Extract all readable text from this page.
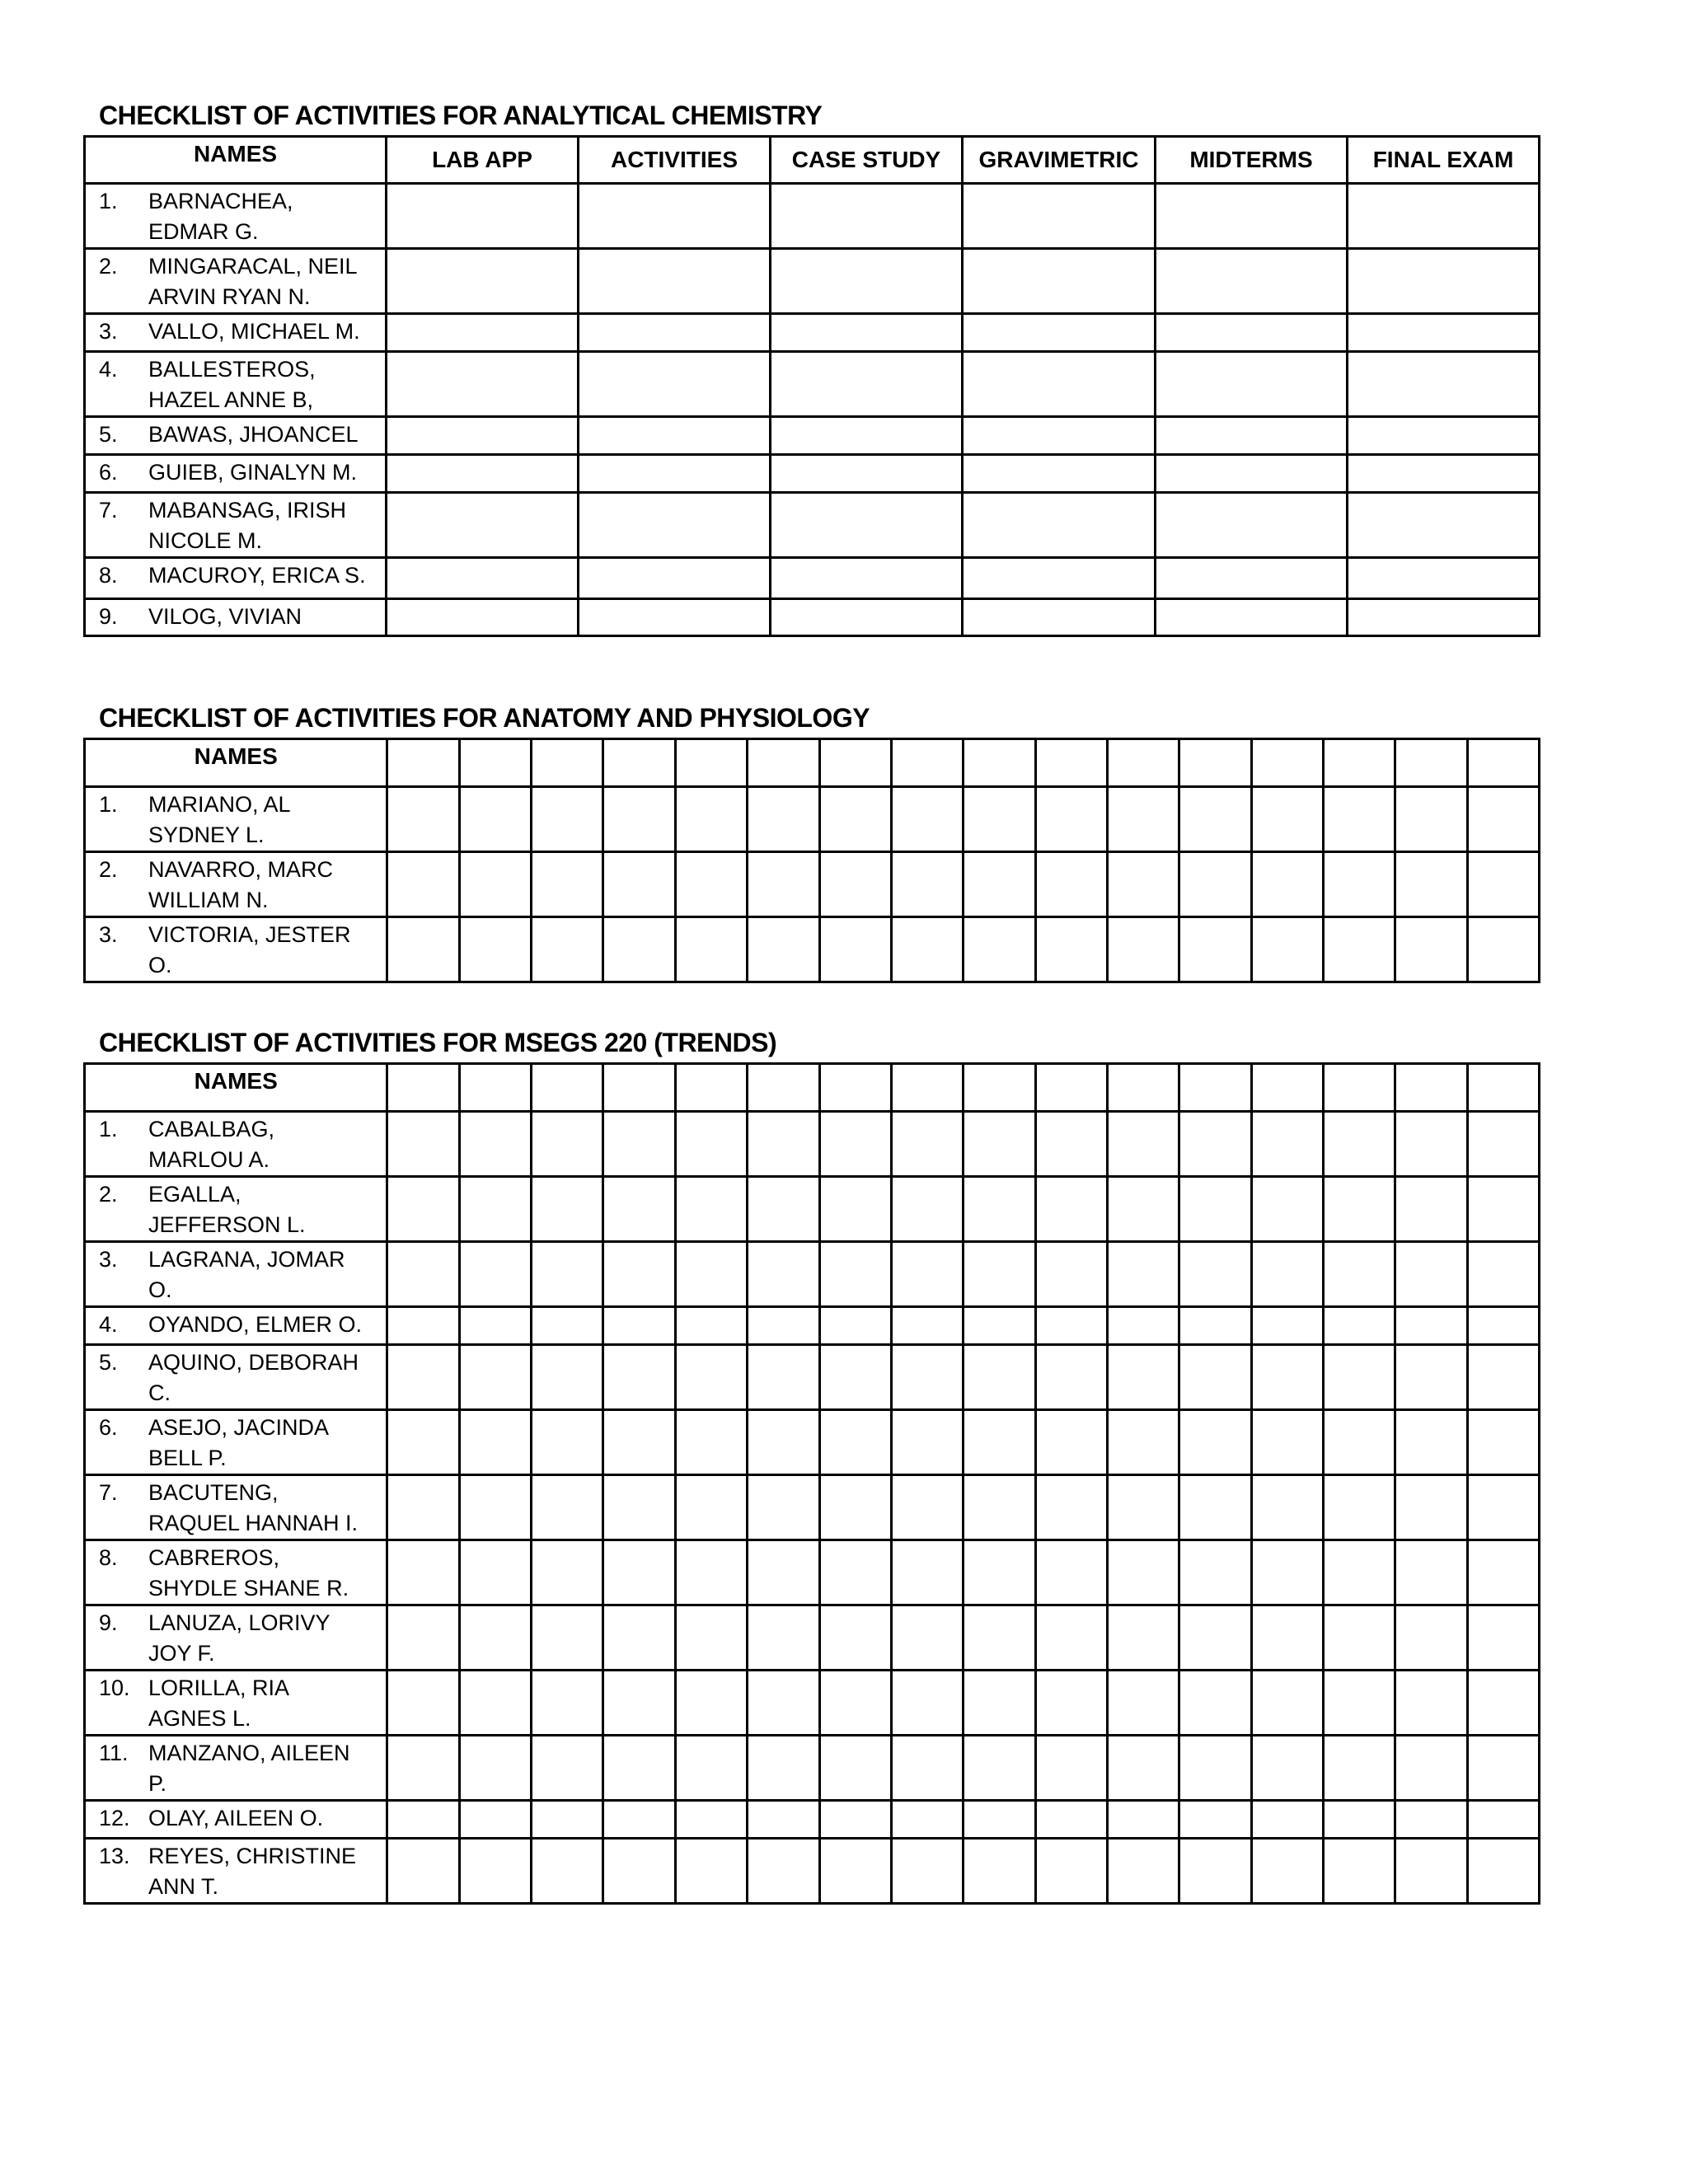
CHECKLIST OF ACTIVITIES FOR ANALYTICAL CHEMISTRY
NAMES	LAB APP	ACTIVITIES	CASE STUDY	GRAVIMETRIC	MIDTERMS	FINAL EXAM
1. BARNACHEA, EDMAR G.						
2. MINGARACAL, NEIL ARVIN RYAN N.						
3. VALLO, MICHAEL M.						
4. BALLESTEROS, HAZEL ANNE B,						
5. BAWAS, JHOANCEL						
6. GUIEB, GINALYN M.						
7. MABANSAG, IRISH NICOLE M.						
8. MACUROY, ERICA S.						
9. VILOG, VIVIAN						
CHECKLIST OF ACTIVITIES FOR ANATOMY AND PHYSIOLOGY
NAMES																
1. MARIANO, AL SYDNEY L.																
2. NAVARRO, MARC WILLIAM N.																
3. VICTORIA, JESTER O.																
CHECKLIST OF ACTIVITIES FOR MSEGS 220 (TRENDS)
NAMES																
1. CABALBAG, MARLOU A.																
2. EGALLA, JEFFERSON L.																
3. LAGRANA, JOMAR O.																
4. OYANDO, ELMER O.																
5. AQUINO, DEBORAH C.																
6. ASEJO, JACINDA BELL P.																
7. BACUTENG, RAQUEL HANNAH I.																
8. CABREROS, SHYDLE SHANE R.																
9. LANUZA, LORIVY JOY F.																
10. LORILLA, RIA AGNES L.																
11. MANZANO, AILEEN P.																
12. OLAY, AILEEN O.																
13. REYES, CHRISTINE ANN T.																
